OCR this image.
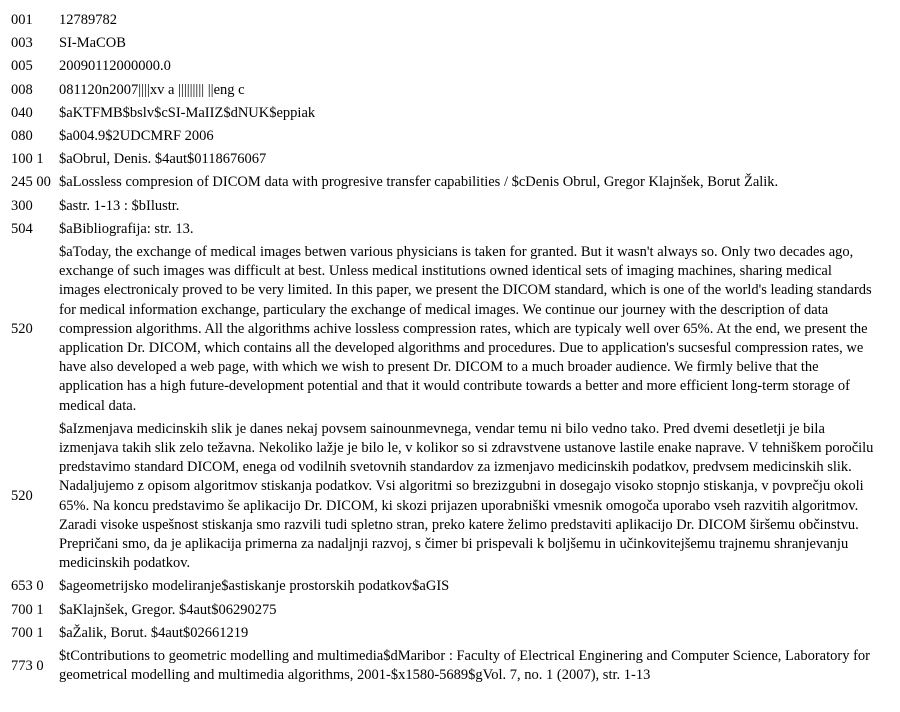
001	12789782
003	SI-MaCOB
005	20090112000000.0
008	081120n2007||||xv a ||||||||| ||eng c
040	$aKTFMB$bslv$cSI-MaIIZ$dNUK$eppiak
080	$a004.9$2UDCMRF 2006
100 1	$aObrul, Denis. $4aut$0118676067
245 00	$aLossless compresion of DICOM data with progresive transfer capabilities / $cDenis Obrul, Gregor Klajnšek, Borut Žalik.
300	$astr. 1-13 : $bIlustr.
504	$aBibliografija: str. 13.
520	$aToday, the exchange of medical images betwen various physicians is taken for granted. But it wasn't always so. Only two decades ago, exchange of such images was difficult at best. Unless medical institutions owned identical sets of imaging machines, sharing medical images electronicaly proved to be very limited. In this paper, we present the DICOM standard, which is one of the world's leading standards for medical information exchange, particulary the exchange of medical images. We continue our journey with the description of data compression algorithms. All the algorithms achive lossless compression rates, which are typicaly well over 65%. At the end, we present the application Dr. DICOM, which contains all the developed algorithms and procedures. Due to application's sucsesful compression rates, we have also developed a web page, with which we wish to present Dr. DICOM to a much broader audience. We firmly belive that the application has a high future-development potential and that it would contribute towards a better and more efficient long-term storage of medical data.
520	$aIzmenjava medicinskih slik je danes nekaj povsem sainounmevnega, vendar temu ni bilo vedno tako. Pred dvemi desetletji je bila izmenjava takih slik zelo težavna. Nekoliko lažje je bilo le, v kolikor so si zdravstvene ustanove lastile enake naprave. V tehniškem poročilu predstavimo standard DICOM, enega od vodilnih svetovnih standardov za izmenjavo medicinskih podatkov, predvsem medicinskih slik. Nadaljujemo z opisom algoritmov stiskanja podatkov. Vsi algoritmi so brezizgubni in dosegajo visoko stopnjo stiskanja, v povprečju okoli 65%. Na koncu predstavimo še aplikacijo Dr. DICOM, ki skozi prijazen uporabniški vmesnik omogoča uporabo vseh razvitih algoritmov. Zaradi visoke uspešnost stiskanja smo razvili tudi spletno stran, preko katere želimo predstaviti aplikacijo Dr. DICOM širšemu občinstvu. Prepričani smo, da je aplikacija primerna za nadaljnji razvoj, s čimer bi prispevali k boljšemu in učinkovitejšemu trajnemu shranjevanju medicinskih podatkov.
653 0	$ageometrijsko modeliranje$astiskanje prostorskih podatkov$aGIS
700 1	$aKlajnšek, Gregor. $4aut$06290275
700 1	$aŽalik, Borut. $4aut$02661219
773 0	$tContributions to geometric modelling and multimedia$dMaribor : Faculty of Electrical Enginering and Computer Science, Laboratory for geometrical modelling and multimedia algorithms, 2001-$x1580-5689$gVol. 7, no. 1 (2007), str. 1-13
